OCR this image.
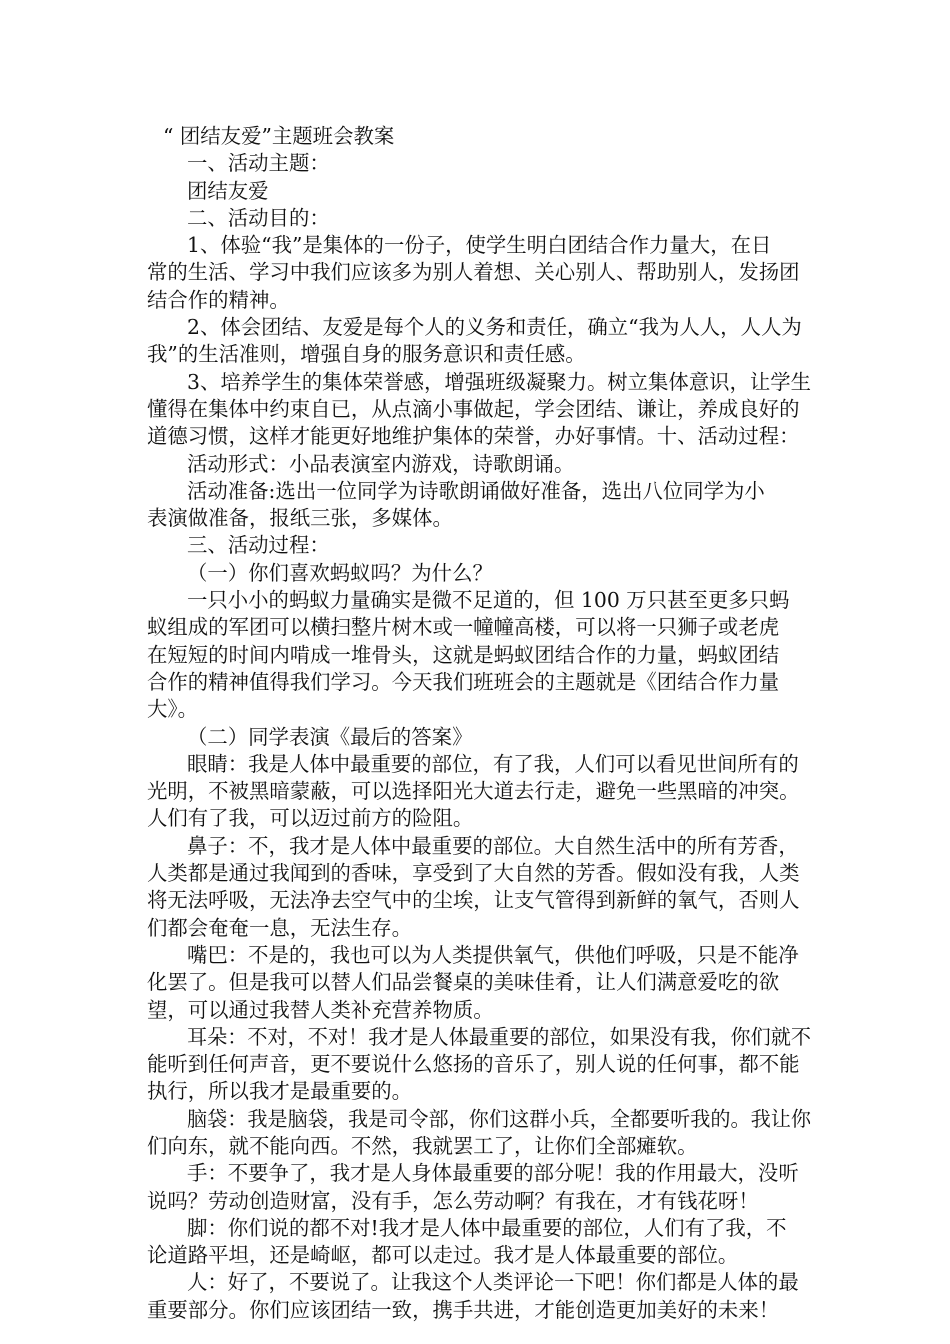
“ 团结友爱”主题班会教案
一、活动主题：
团结友爱
二、活动目的：
1、体验“我”是集体的一份子，使学生明白团结合作力量大，在日
常的生活、学习中我们应该多为别人着想、关心别人、帮助别人，发扬团
结合作的精神。
2、体会团结、友爱是每个人的义务和责任，确立“我为人人，人人为
我”的生活准则，增强自身的服务意识和责任感。
3、培养学生的集体荣誉感，增强班级凝聚力。树立集体意识，让学生
懂得在集体中约束自已，从点滴小事做起，学会团结、谦让，养成良好的
道德习惯，这样才能更好地维护集体的荣誉，办好事情。十、活动过程：
活动形式：小品表演室内游戏，诗歌朗诵。
活动准备:选出一位同学为诗歌朗诵做好准备，选出八位同学为小
表演做准备，报纸三张，多媒体。
三、活动过程：
（一）你们喜欢蚂蚁吗？为什么？
一只小小的蚂蚁力量确实是微不足道的，但 100 万只甚至更多只蚂
蚁组成的军团可以横扫整片树木或一幢幢高楼，可以将一只狮子或老虎
在短短的时间内啃成一堆骨头，这就是蚂蚁团结合作的力量，蚂蚁团结
合作的精神值得我们学习。今天我们班班会的主题就是《团结合作力量
大》。
（二）同学表演《最后的答案》
眼睛：我是人体中最重要的部位，有了我，人们可以看见世间所有的
光明，不被黑暗蒙蔽，可以选择阳光大道去行走，避免一些黑暗的冲突。
人们有了我，可以迈过前方的险阻。
鼻子：不，我才是人体中最重要的部位。大自然生活中的所有芳香，
人类都是通过我闻到的香味，享受到了大自然的芳香。假如没有我，人类
将无法呼吸，无法净去空气中的尘埃，让支气管得到新鲜的氧气，否则人
们都会奄奄一息，无法生存。
嘴巴：不是的，我也可以为人类提供氧气，供他们呼吸，只是不能净
化罢了。但是我可以替人们品尝餐桌的美味佳肴，让人们满意爱吃的欲
望，可以通过我替人类补充营养物质。
耳朵：不对，不对！我才是人体最重要的部位，如果没有我，你们就不
能听到任何声音，更不要说什么悠扬的音乐了，别人说的任何事，都不能
执行，所以我才是最重要的。
脑袋：我是脑袋，我是司令部，你们这群小兵，全都要听我的。我让你
们向东，就不能向西。不然，我就罢工了，让你们全部瘫软。
手：不要争了，我才是人身体最重要的部分呢！我的作用最大，没听
说吗？劳动创造财富，没有手，怎么劳动啊？有我在，才有钱花呀！
脚：你们说的都不对!我才是人体中最重要的部位，人们有了我，不
论道路平坦，还是崎岖，都可以走过。我才是人体最重要的部位。
人：好了，不要说了。让我这个人类评论一下吧！你们都是人体的最
重要部分。你们应该团结一致，携手共进，才能创造更加美好的未来！
